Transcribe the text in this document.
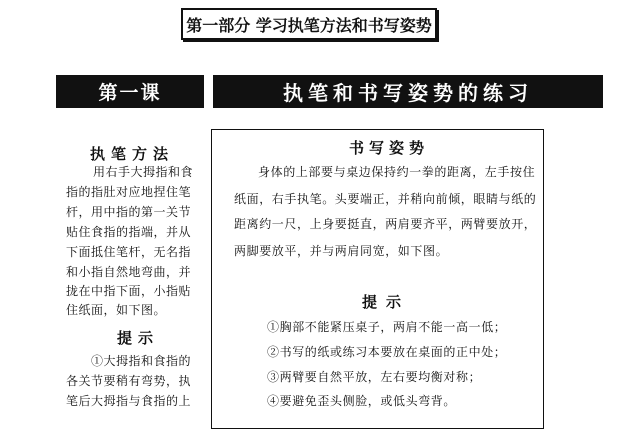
第一部分 学习执笔方法和书写姿势
第一课	执笔和书写姿势的练习
执笔方法
用右手大拇指和食
指的指肚对应地捏住笔
杆，用中指的第一关节
贴住食指的指端，并从
下面抵住笔杆，无名指
和小指自然地弯曲，并
拢在中指下面，小指贴
住纸面，如下图。
提示
①大拇指和食指的
各关节要稍有弯势，执
笔后大拇指与食指的上
书写姿势
身体的上部要与桌边保持约一拳的距离，左手按住
纸面，右手执笔。头要端正，并稍向前倾，眼睛与纸的
距离约一尺，上身要挺直，两肩要齐平，两臂要放开，
两脚要放平，并与两肩同宽，如下图。
提示
①胸部不能紧压桌子，两肩不能一高一低；
②书写的纸或练习本要放在桌面的正中处；
③两臂要自然平放，左右要均衡对称；
④要避免歪头侧脸，或低头弯背。
